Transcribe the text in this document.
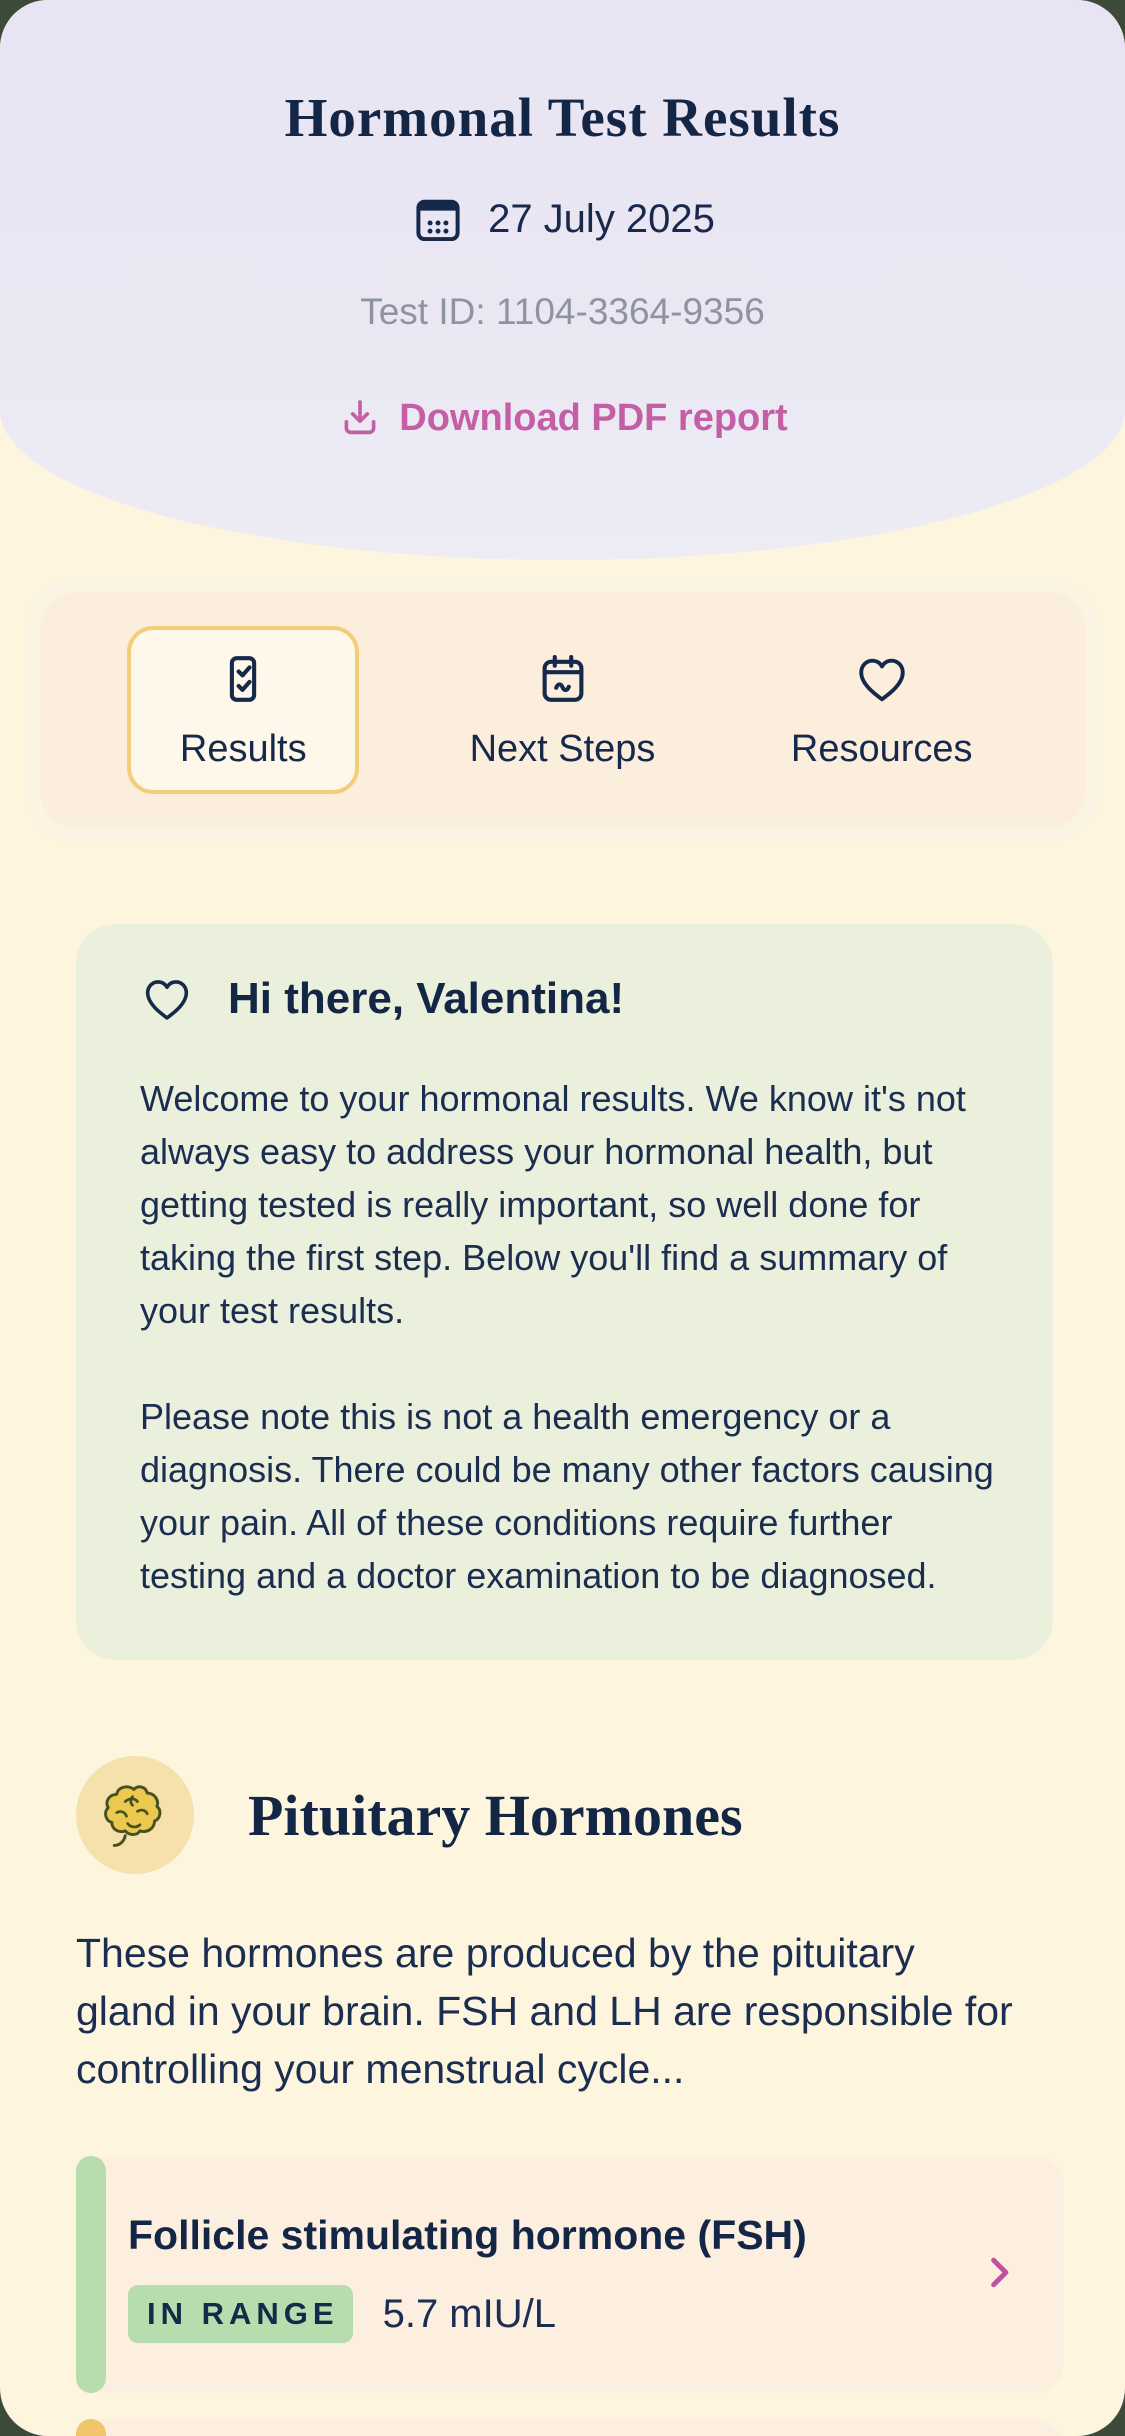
Hormonal Test Results
27 July 2025
Test ID: 1104-3364-9356
Download PDF report
Results	Next Steps	Resources
Hi there, Valentina!

Welcome to your hormonal results. We know it's not always easy to address your hormonal health, but getting tested is really important, so well done for taking the first step. Below you'll find a summary of your test results.

Please note this is not a health emergency or a diagnosis. There could be many other factors causing your pain. All of these conditions require further testing and a doctor examination to be diagnosed.

Pituitary Hormones

These hormones are produced by the pituitary gland in your brain. FSH and LH are responsible for controlling your menstrual cycle...

Follicle stimulating hormone (FSH)
IN RANGE	5.7 mIU/L
